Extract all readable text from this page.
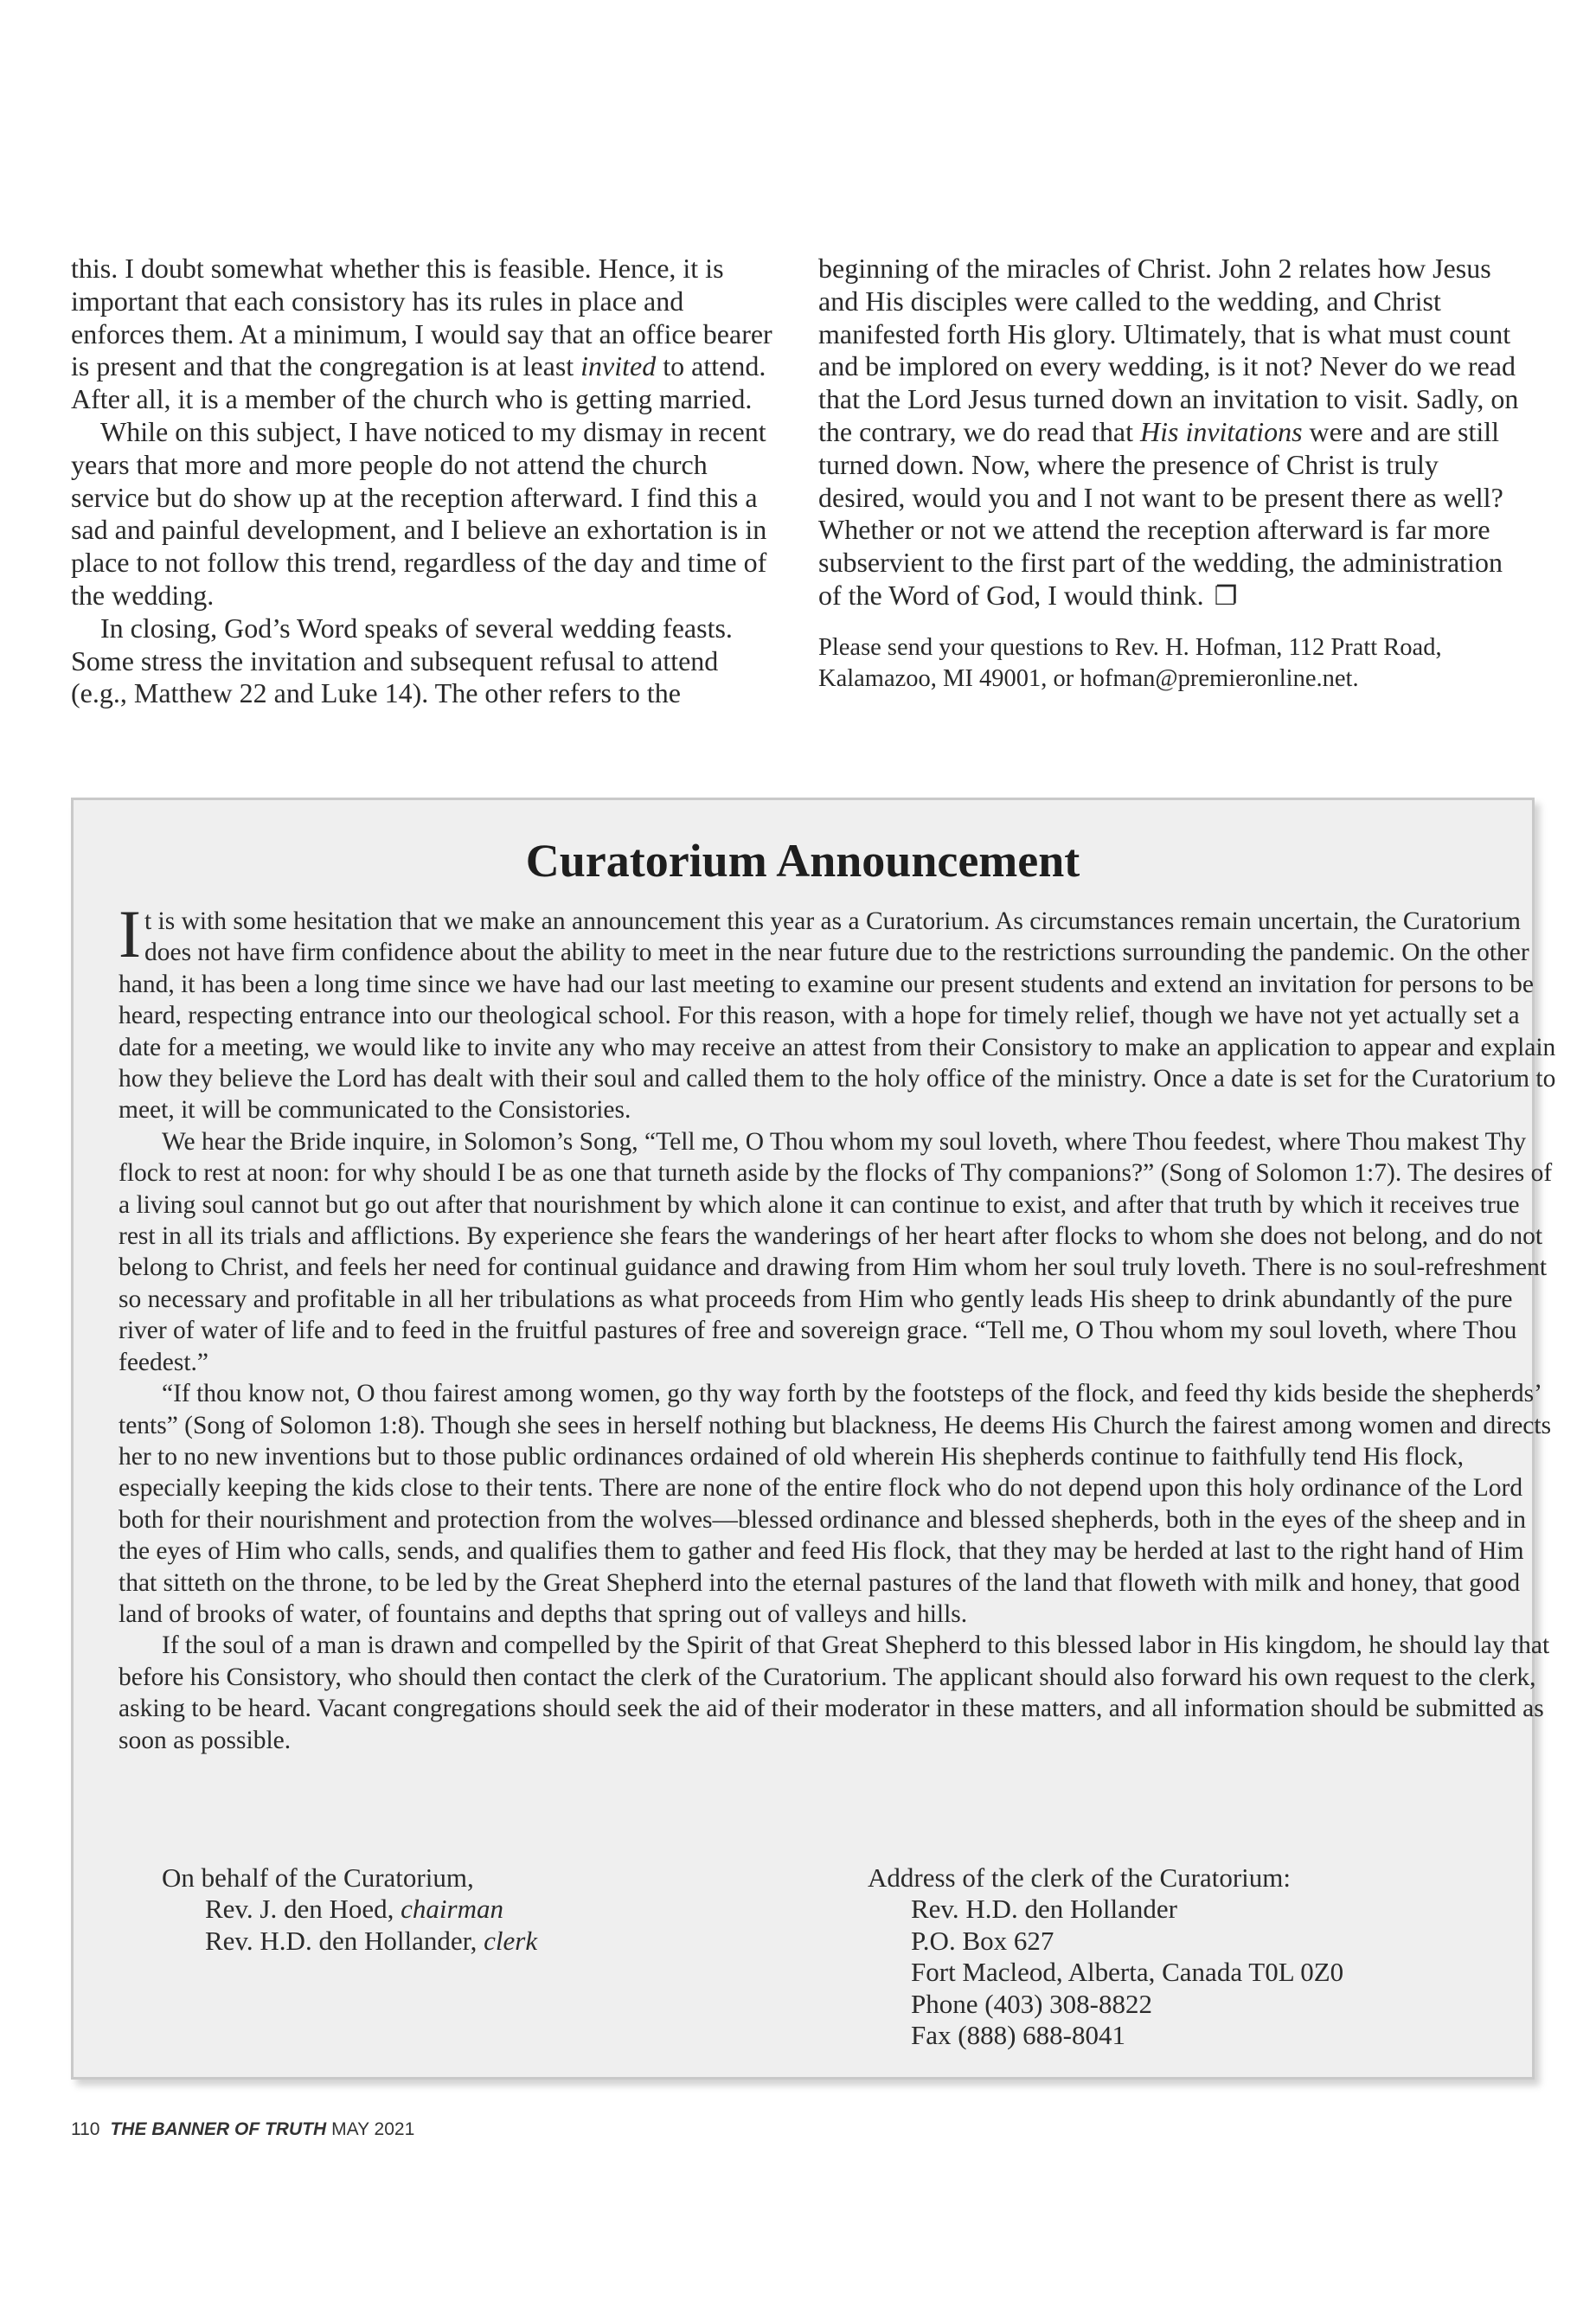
this. I doubt somewhat whether this is feasible. Hence, it is important that each consistory has its rules in place and enforces them. At a minimum, I would say that an office bearer is present and that the congregation is at least invited to attend. After all, it is a member of the church who is getting married.

While on this subject, I have noticed to my dismay in recent years that more and more people do not attend the church service but do show up at the reception afterward. I find this a sad and painful development, and I believe an exhortation is in place to not follow this trend, regardless of the day and time of the wedding.

In closing, God’s Word speaks of several wedding feasts. Some stress the invitation and subsequent refusal to attend (e.g., Matthew 22 and Luke 14). The other refers to the

beginning of the miracles of Christ. John 2 relates how Jesus and His disciples were called to the wedding, and Christ manifested forth His glory. Ultimately, that is what must count and be implored on every wedding, is it not? Never do we read that the Lord Jesus turned down an invitation to visit. Sadly, on the contrary, we do read that His invitations were and are still turned down. Now, where the presence of Christ is truly desired, would you and I not want to be present there as well? Whether or not we attend the reception afterward is far more subservient to the first part of the wedding, the administration of the Word of God, I would think. ❐

Please send your questions to Rev. H. Hofman, 112 Pratt Road, Kalamazoo, MI 49001, or hofman@premieronline.net.

Curatorium Announcement

It is with some hesitation that we make an announcement this year as a Curatorium. As circumstances remain uncertain, the Curatorium does not have firm confidence about the ability to meet in the near future due to the restrictions surrounding the pandemic. On the other hand, it has been a long time since we have had our last meeting to examine our present students and extend an invitation for persons to be heard, respecting entrance into our theological school. For this reason, with a hope for timely relief, though we have not yet actually set a date for a meeting, we would like to invite any who may receive an attest from their Consistory to make an application to appear and explain how they believe the Lord has dealt with their soul and called them to the holy office of the ministry. Once a date is set for the Curatorium to meet, it will be communicated to the Consistories.

We hear the Bride inquire, in Solomon’s Song, “Tell me, O Thou whom my soul loveth, where Thou feedest, where Thou makest Thy flock to rest at noon: for why should I be as one that turneth aside by the flocks of Thy companions?” (Song of Solomon 1:7). The desires of a living soul cannot but go out after that nourishment by which alone it can continue to exist, and after that truth by which it receives true rest in all its trials and afflictions. By experience she fears the wanderings of her heart after flocks to whom she does not belong, and do not belong to Christ, and feels her need for continual guidance and drawing from Him whom her soul truly loveth. There is no soul-refreshment so necessary and profitable in all her tribulations as what proceeds from Him who gently leads His sheep to drink abundantly of the pure river of water of life and to feed in the fruitful pastures of free and sovereign grace. “Tell me, O Thou whom my soul loveth, where Thou feedest.”

“If thou know not, O thou fairest among women, go thy way forth by the footsteps of the flock, and feed thy kids beside the shepherds’ tents” (Song of Solomon 1:8). Though she sees in herself nothing but blackness, He deems His Church the fairest among women and directs her to no new inventions but to those public ordinances ordained of old wherein His shepherds continue to faithfully tend His flock, especially keeping the kids close to their tents. There are none of the entire flock who do not depend upon this holy ordinance of the Lord both for their nourishment and protection from the wolves—blessed ordinance and blessed shepherds, both in the eyes of the sheep and in the eyes of Him who calls, sends, and qualifies them to gather and feed His flock, that they may be herded at last to the right hand of Him that sitteth on the throne, to be led by the Great Shepherd into the eternal pastures of the land that floweth with milk and honey, that good land of brooks of water, of fountains and depths that spring out of valleys and hills.

If the soul of a man is drawn and compelled by the Spirit of that Great Shepherd to this blessed labor in His kingdom, he should lay that before his Consistory, who should then contact the clerk of the Curatorium. The applicant should also forward his own request to the clerk, asking to be heard. Vacant congregations should seek the aid of their moderator in these matters, and all information should be submitted as soon as possible.

On behalf of the Curatorium,
Rev. J. den Hoed, chairman
Rev. H.D. den Hollander, clerk
Address of the clerk of the Curatorium:
Rev. H.D. den Hollander
P.O. Box 627
Fort Macleod, Alberta, Canada T0L 0Z0
Phone (403) 308-8822
Fax (888) 688-8041
110 THE BANNER OF TRUTH MAY 2021
